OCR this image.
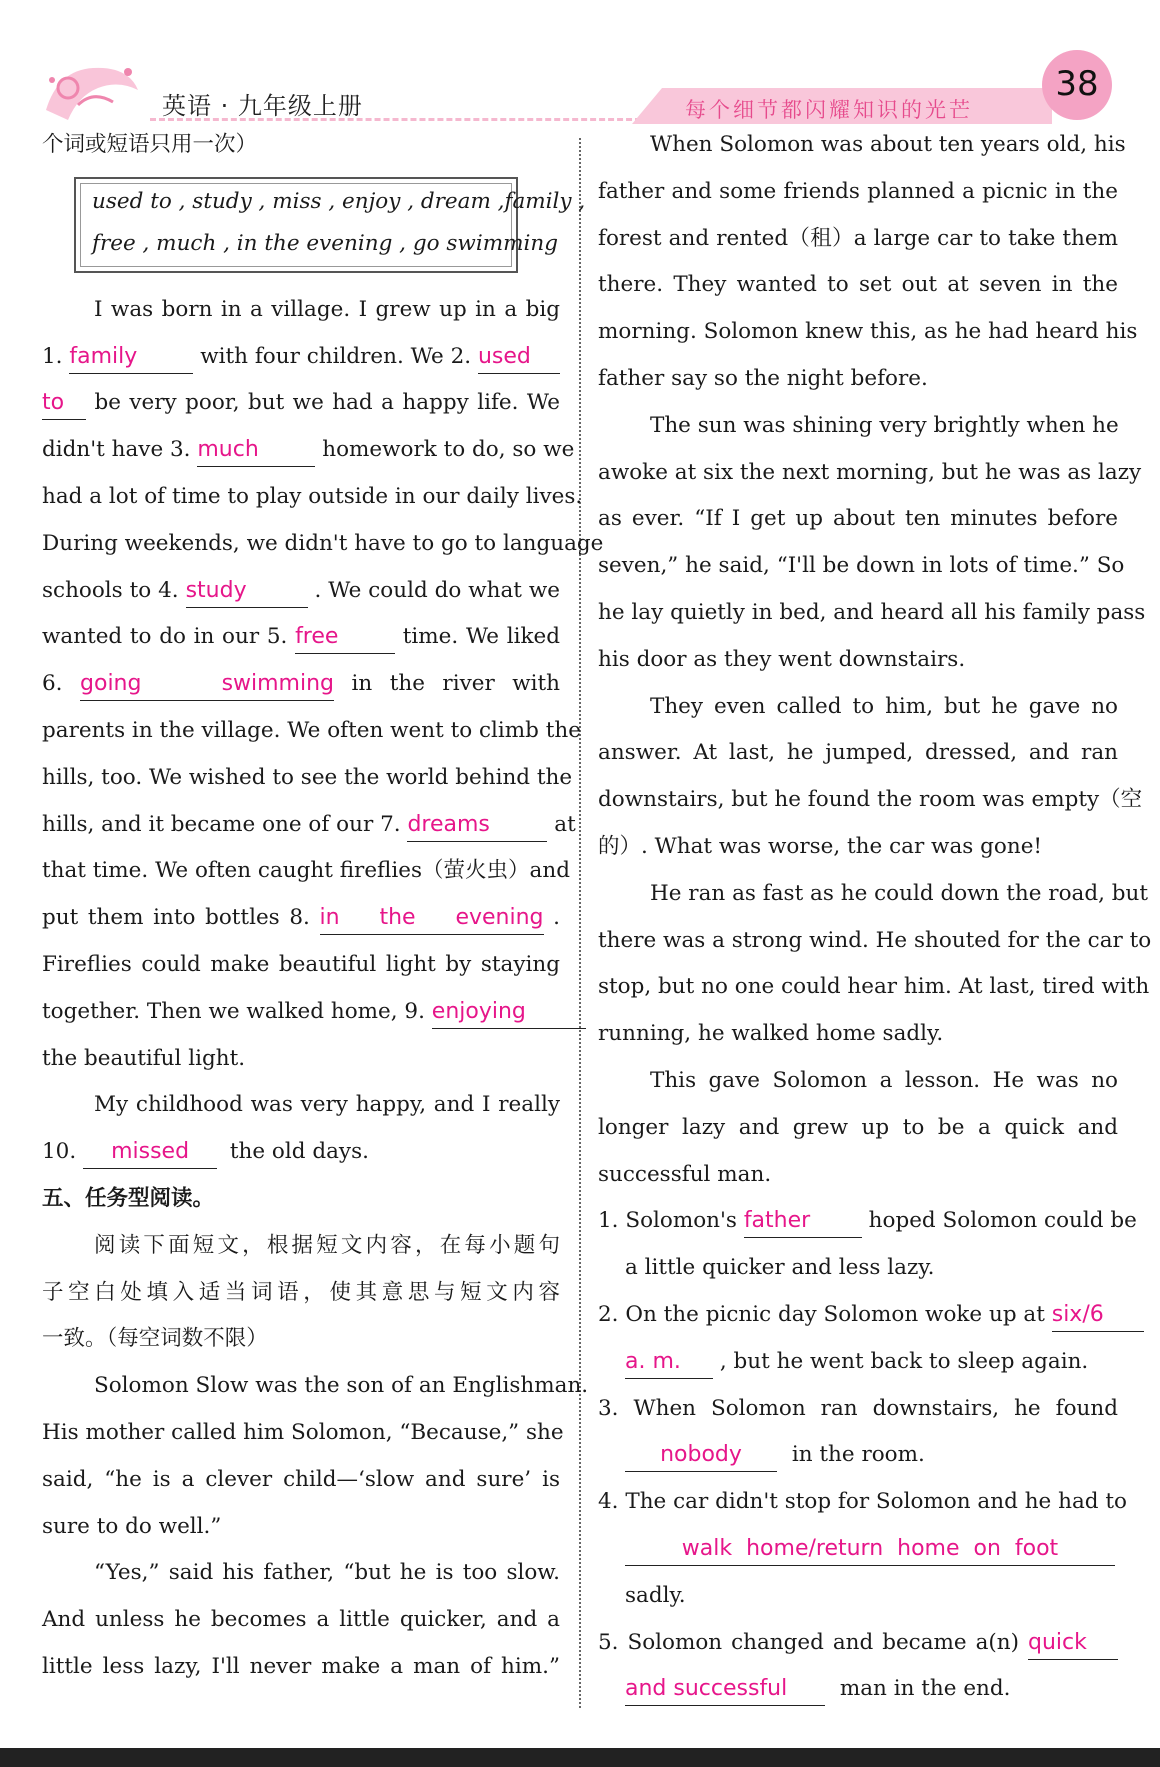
英语 · 九年级上册	每个细节都闪耀知识的光芒
38
个词或短语只用一次）
used to , study , miss , enjoy , dream ,family ,
free , much , in the evening , go swimming
I was born in a village. I grew up in a big
1. family	with four children. We 2. used
to be very poor, but we had a happy life. We
didn't have 3. much	homework to do, so we
had a lot of time to play outside in our daily lives.
During weekends, we didn't have to go to language
schools to 4. study	. We could do what we
wanted to do in our 5. free	time. We liked
6. going swimming in the river with
parents in the village. We often went to climb the
hills, too. We wished to see the world behind the
hills, and it became one of our 7. dreams	at
that time. We often caught fireflies（萤火虫）and
put them into bottles 8. in the evening .
Fireflies could make beautiful light by staying
together. Then we walked home, 9. enjoying
the beautiful light.
My childhood was very happy, and I really
10. missed the old days.
五、任务型阅读。
阅读下面短文，根据短文内容，在每小题句
子空白处填入适当词语，使其意思与短文内容
一致。（每空词数不限）
Solomon Slow was the son of an Englishman.
His mother called him Solomon, “Because,” she
said, “he is a clever child—‘slow and sure’ is
sure to do well.”
“Yes,” said his father, “but he is too slow.
And unless he becomes a little quicker, and a
little less lazy, I'll never make a man of him.”
When Solomon was about ten years old, his
father and some friends planned a picnic in the
forest and rented（租）a large car to take them
there. They wanted to set out at seven in the
morning. Solomon knew this, as he had heard his
father say so the night before.
The sun was shining very brightly when he
awoke at six the next morning, but he was as lazy
as ever. “If I get up about ten minutes before
seven,” he said, “I'll be down in lots of time.” So
he lay quietly in bed, and heard all his family pass
his door as they went downstairs.
They even called to him, but he gave no
answer. At last, he jumped, dressed, and ran
downstairs, but he found the room was empty（空
的）. What was worse, the car was gone!
He ran as fast as he could down the road, but
there was a strong wind. He shouted for the car to
stop, but no one could hear him. At last, tired with
running, he walked home sadly.
This gave Solomon a lesson. He was no
longer lazy and grew up to be a quick and
successful man.
1. Solomon's father	hoped Solomon could be
a little quicker and less lazy.
2. On the picnic day Solomon woke up at six/6
a. m. , but he went back to sleep again.
3. When Solomon ran downstairs, he found
nobody in the room.
4. The car didn't stop for Solomon and he had to
walk  home/return  home  on  foot
sadly.
5. Solomon changed and became a(n) quick
and successful man in the end.
